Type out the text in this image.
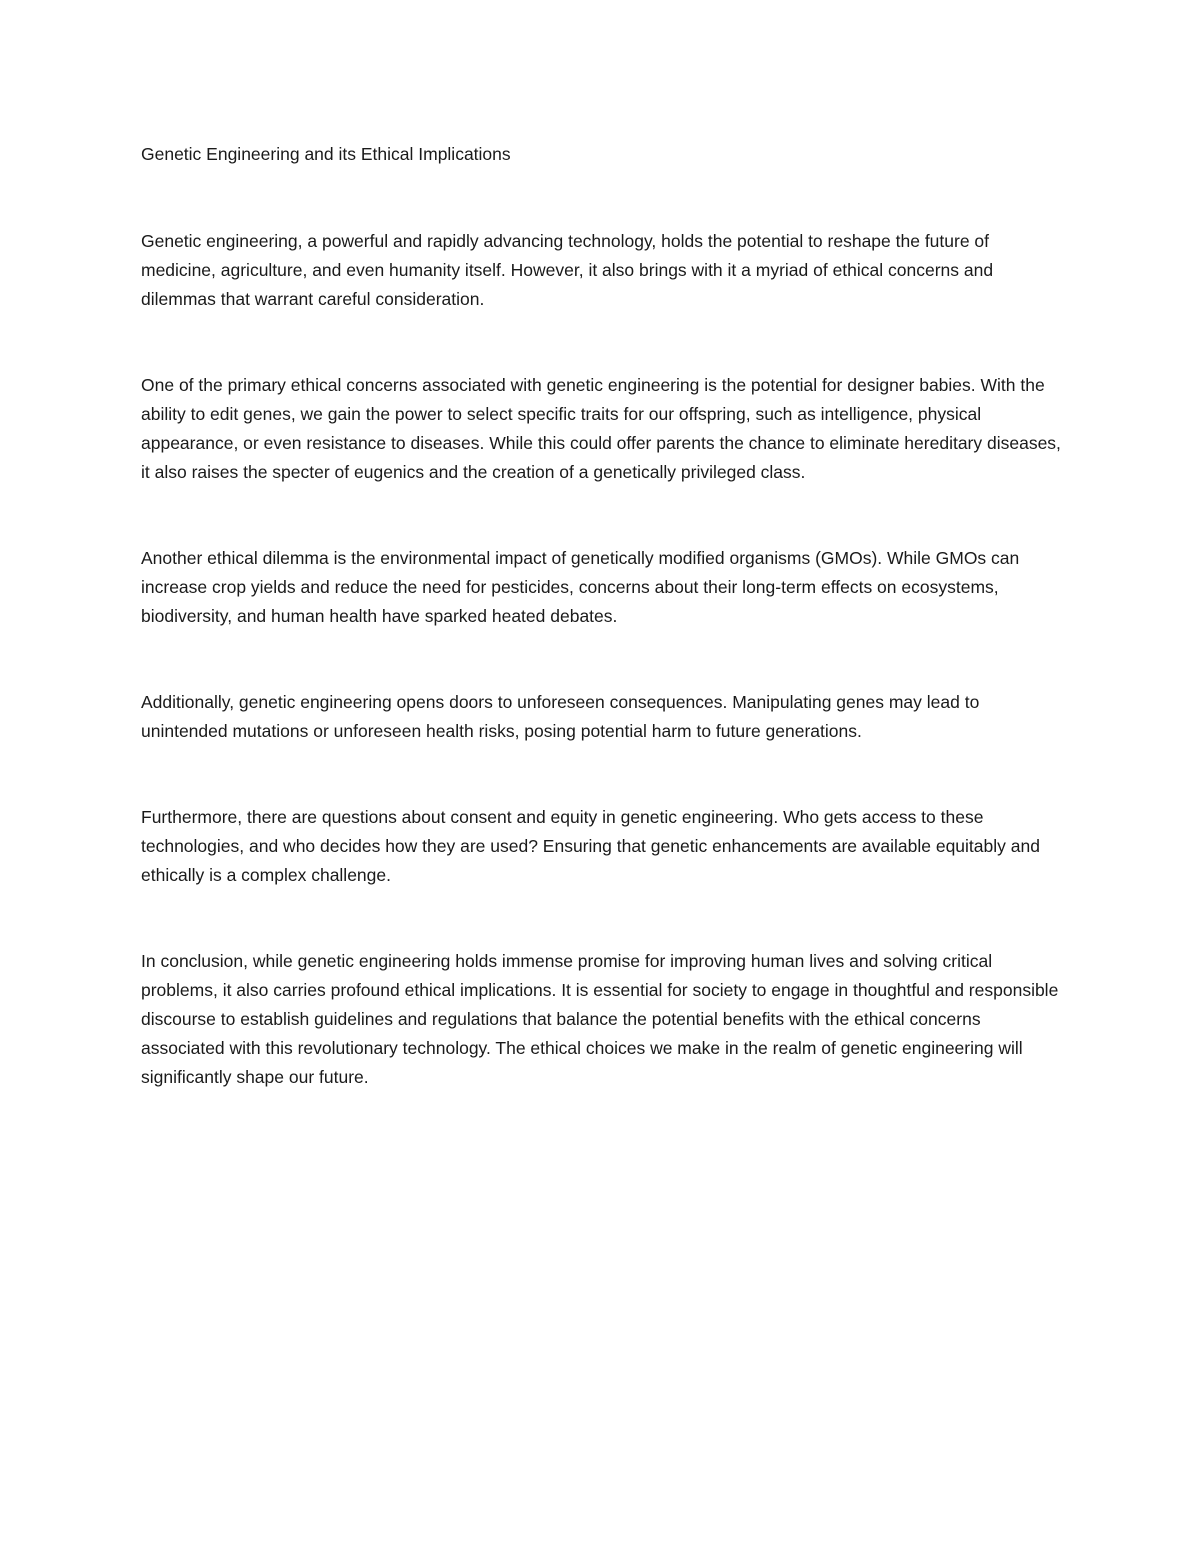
Genetic Engineering and its Ethical Implications

Genetic engineering, a powerful and rapidly advancing technology, holds the potential to reshape the future of medicine, agriculture, and even humanity itself. However, it also brings with it a myriad of ethical concerns and dilemmas that warrant careful consideration.

One of the primary ethical concerns associated with genetic engineering is the potential for designer babies. With the ability to edit genes, we gain the power to select specific traits for our offspring, such as intelligence, physical appearance, or even resistance to diseases. While this could offer parents the chance to eliminate hereditary diseases, it also raises the specter of eugenics and the creation of a genetically privileged class.

Another ethical dilemma is the environmental impact of genetically modified organisms (GMOs). While GMOs can increase crop yields and reduce the need for pesticides, concerns about their long-term effects on ecosystems, biodiversity, and human health have sparked heated debates.

Additionally, genetic engineering opens doors to unforeseen consequences. Manipulating genes may lead to unintended mutations or unforeseen health risks, posing potential harm to future generations.

Furthermore, there are questions about consent and equity in genetic engineering. Who gets access to these technologies, and who decides how they are used? Ensuring that genetic enhancements are available equitably and ethically is a complex challenge.

In conclusion, while genetic engineering holds immense promise for improving human lives and solving critical problems, it also carries profound ethical implications. It is essential for society to engage in thoughtful and responsible discourse to establish guidelines and regulations that balance the potential benefits with the ethical concerns associated with this revolutionary technology. The ethical choices we make in the realm of genetic engineering will significantly shape our future.
